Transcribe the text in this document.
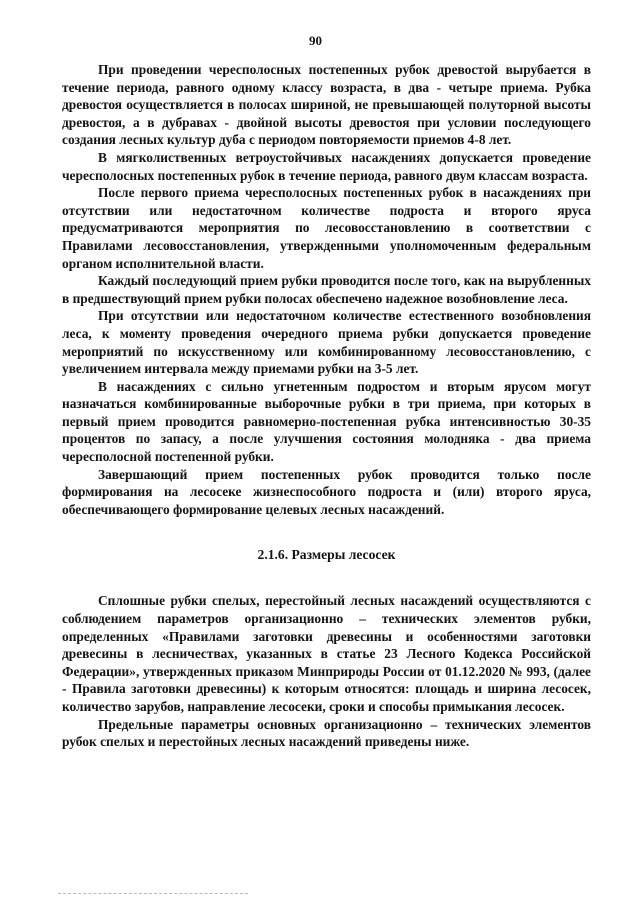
90

При проведении чересполосных постепенных рубок древостой вырубается в течение периода, равного одному классу возраста, в два - четыре приема. Рубка древостоя осуществляется в полосах шириной, не превышающей полуторной высоты древостоя, а в дубравах - двойной высоты древостоя при условии последующего создания лесных культур дуба с периодом повторяемости приемов 4-8 лет.

В мягколиственных ветроустойчивых насаждениях допускается проведение чересполосных постепенных рубок в течение периода, равного двум классам возраста.

После первого приема чересполосных постепенных рубок в насаждениях при отсутствии или недостаточном количестве подроста и второго яруса предусматриваются мероприятия по лесовосстановлению в соответствии с Правилами лесовосстановления, утвержденными уполномоченным федеральным органом исполнительной власти.

Каждый последующий прием рубки проводится после того, как на вырубленных в предшествующий прием рубки полосах обеспечено надежное возобновление леса.

При отсутствии или недостаточном количестве естественного возобновления леса, к моменту проведения очередного приема рубки допускается проведение мероприятий по искусственному или комбинированному лесовосстановлению, с увеличением интервала между приемами рубки на 3-5 лет.

В насаждениях с сильно угнетенным подростом и вторым ярусом могут назначаться комбинированные выборочные рубки в три приема, при которых в первый прием проводится равномерно-постепенная рубка интенсивностью 30-35 процентов по запасу, а после улучшения состояния молодняка - два приема чересполосной постепенной рубки.

Завершающий прием постепенных рубок проводится только после формирования на лесосеке жизнеспособного подроста и (или) второго яруса, обеспечивающего формирование целевых лесных насаждений.

2.1.6. Размеры лесосек

Сплошные рубки спелых, перестойный лесных насаждений осуществляются с соблюдением параметров организационно – технических элементов рубки, определенных «Правилами заготовки древесины и особенностями заготовки древесины в лесничествах, указанных в статье 23 Лесного Кодекса Российской Федерации», утвержденных приказом Минприроды России от 01.12.2020 № 993, (далее - Правила заготовки древесины) к которым относятся: площадь и ширина лесосек, количество зарубов, направление лесосеки, сроки и способы примыкания лесосек.

Предельные параметры основных организационно – технических элементов рубок спелых и перестойных лесных насаждений приведены ниже.
